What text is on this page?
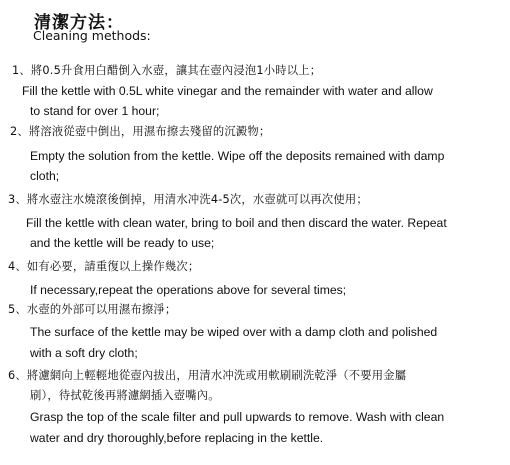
清潔方法：
Cleaning methods:
1、將0.5升食用白醋倒入水壺，讓其在壺內浸泡1小時以上；
Fill the kettle with 0.5L white vinegar and the remainder with water and allow
to stand for over 1 hour;
2、將溶液從壺中倒出，用濕布擦去殘留的沉澱物；
Empty the solution from the kettle. Wipe off the deposits remained with damp
cloth;
3、將水壺注水燒滾後倒掉，用清水冲洗4-5次，水壺就可以再次使用；
Fill the kettle with clean water, bring to boil and then discard the water. Repeat
and the kettle will be ready to use;
4、如有必要，請重復以上操作幾次；
If necessary,repeat the operations above for several times;
5、水壺的外部可以用濕布擦淨；
The surface of the kettle may be wiped over with a damp cloth and polished
with a soft dry cloth;
6、將濾網向上輕輕地從壺內拔出，用清水冲洗或用軟刷刷洗乾淨（不要用金屬
刷），待拭乾後再將濾網插入壺嘴內。
Grasp the top of the scale filter and pull upwards to remove. Wash with clean
water and dry thoroughly,before replacing in the kettle.
